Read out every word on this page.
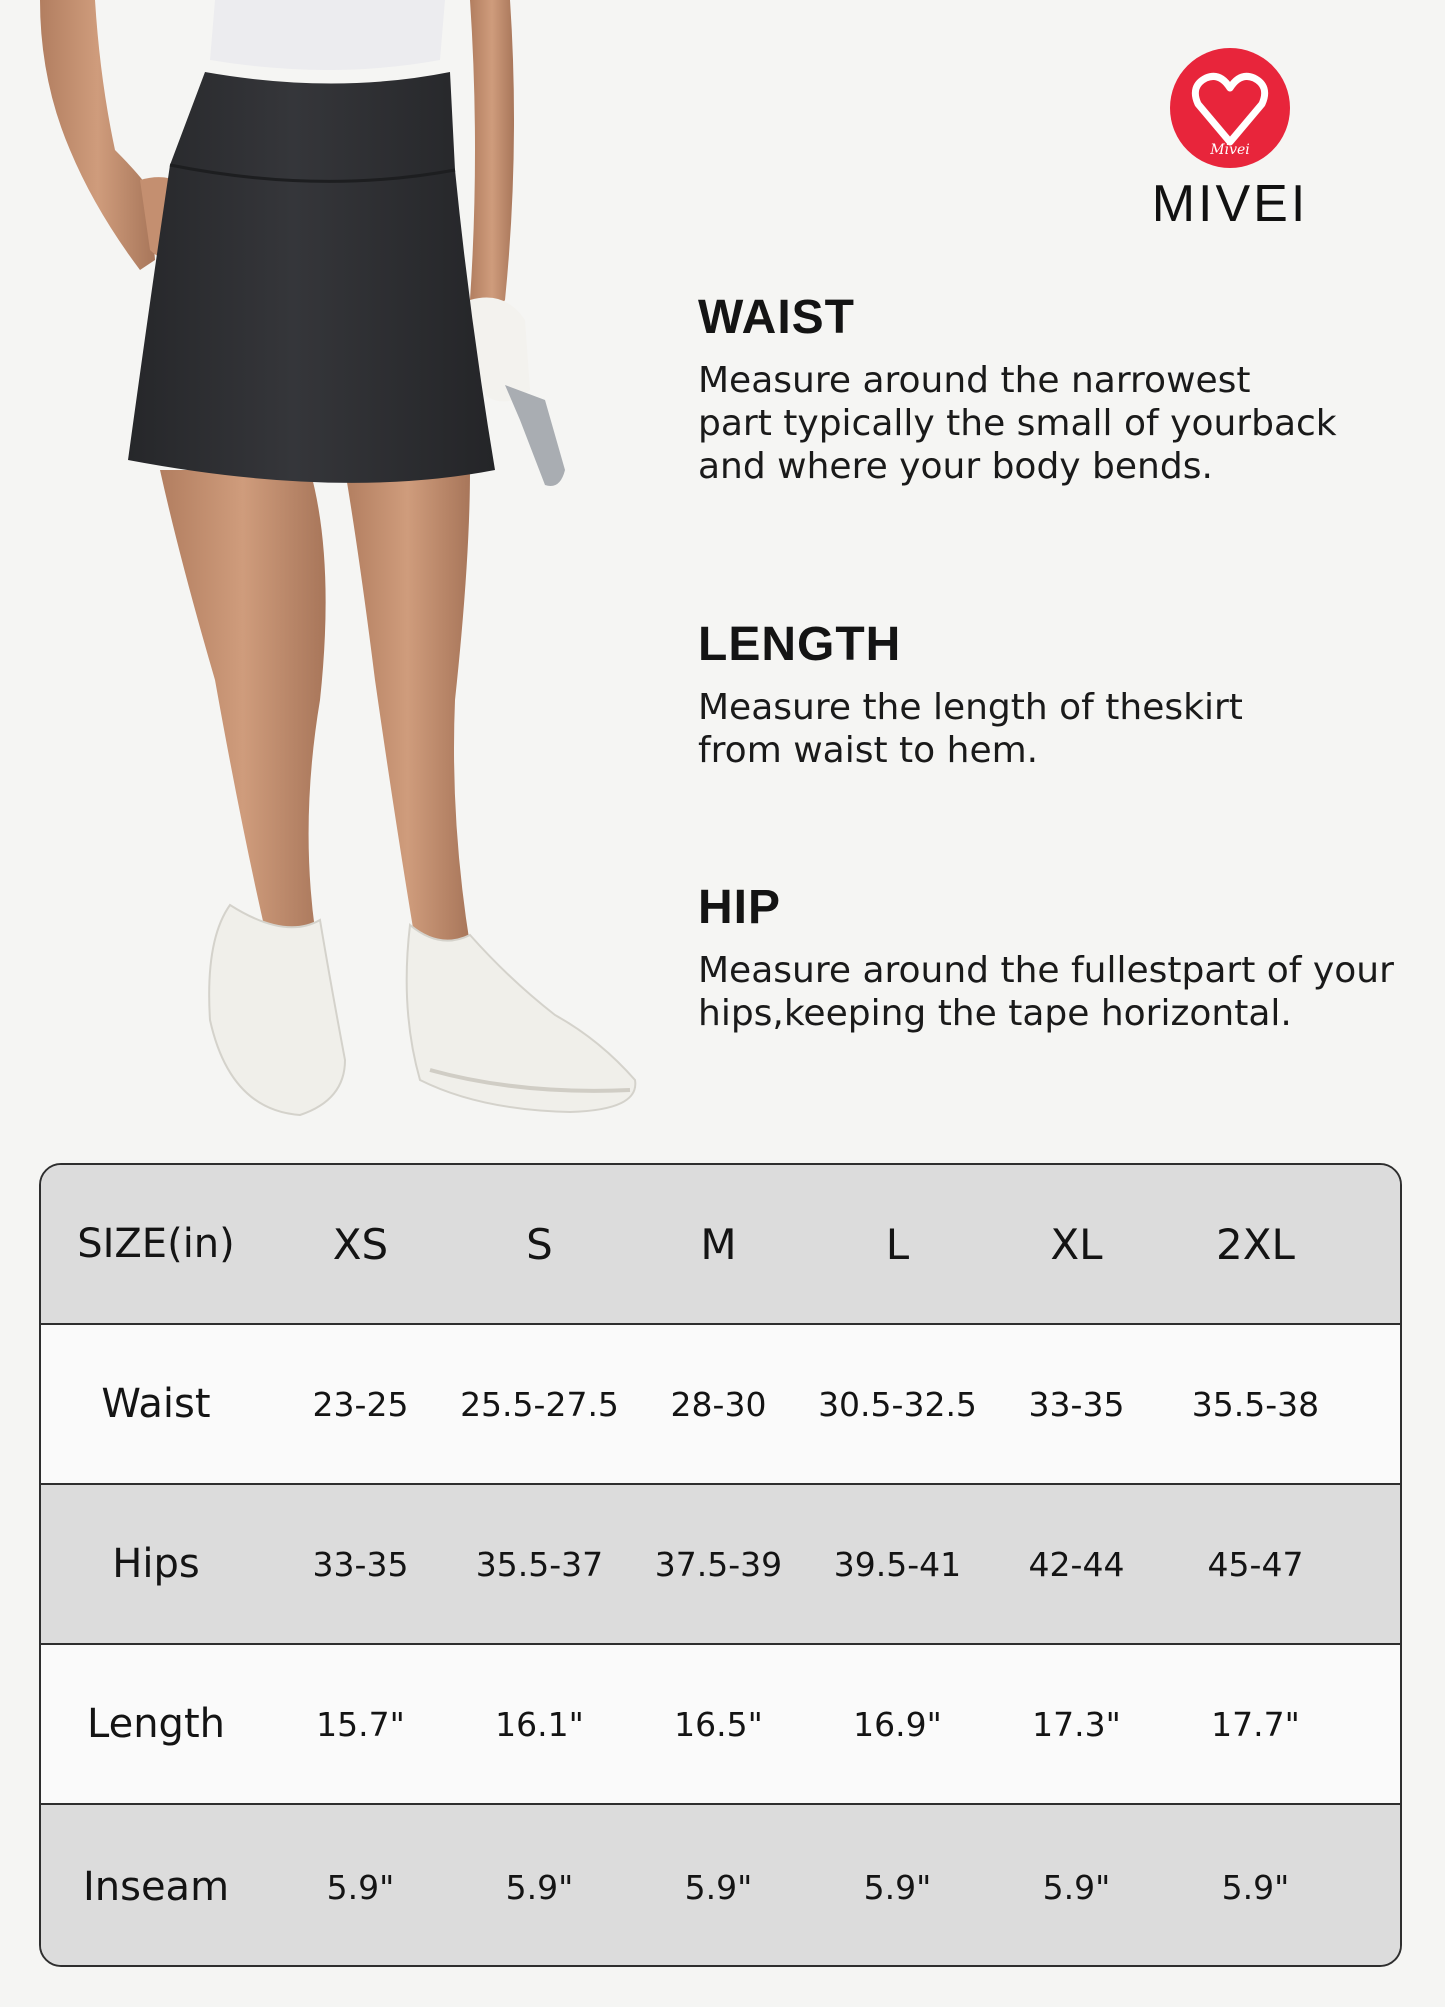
Mivei
MIVEI
WAIST
Measure around the narrowest
part typically the small of yourback
and where your body bends.
LENGTH
Measure the length of theskirt
from waist to hem.
HIP
Measure around the fullestpart of your
hips,keeping the tape horizontal.
SIZE(in)	XS	S	M	L	XL	2XL
Waist	23-25	25.5-27.5	28-30	30.5-32.5	33-35	35.5-38
Hips	33-35	35.5-37	37.5-39	39.5-41	42-44	45-47
Length	15.7"	16.1"	16.5"	16.9"	17.3"	17.7"
Inseam	5.9"	5.9"	5.9"	5.9"	5.9"	5.9"
